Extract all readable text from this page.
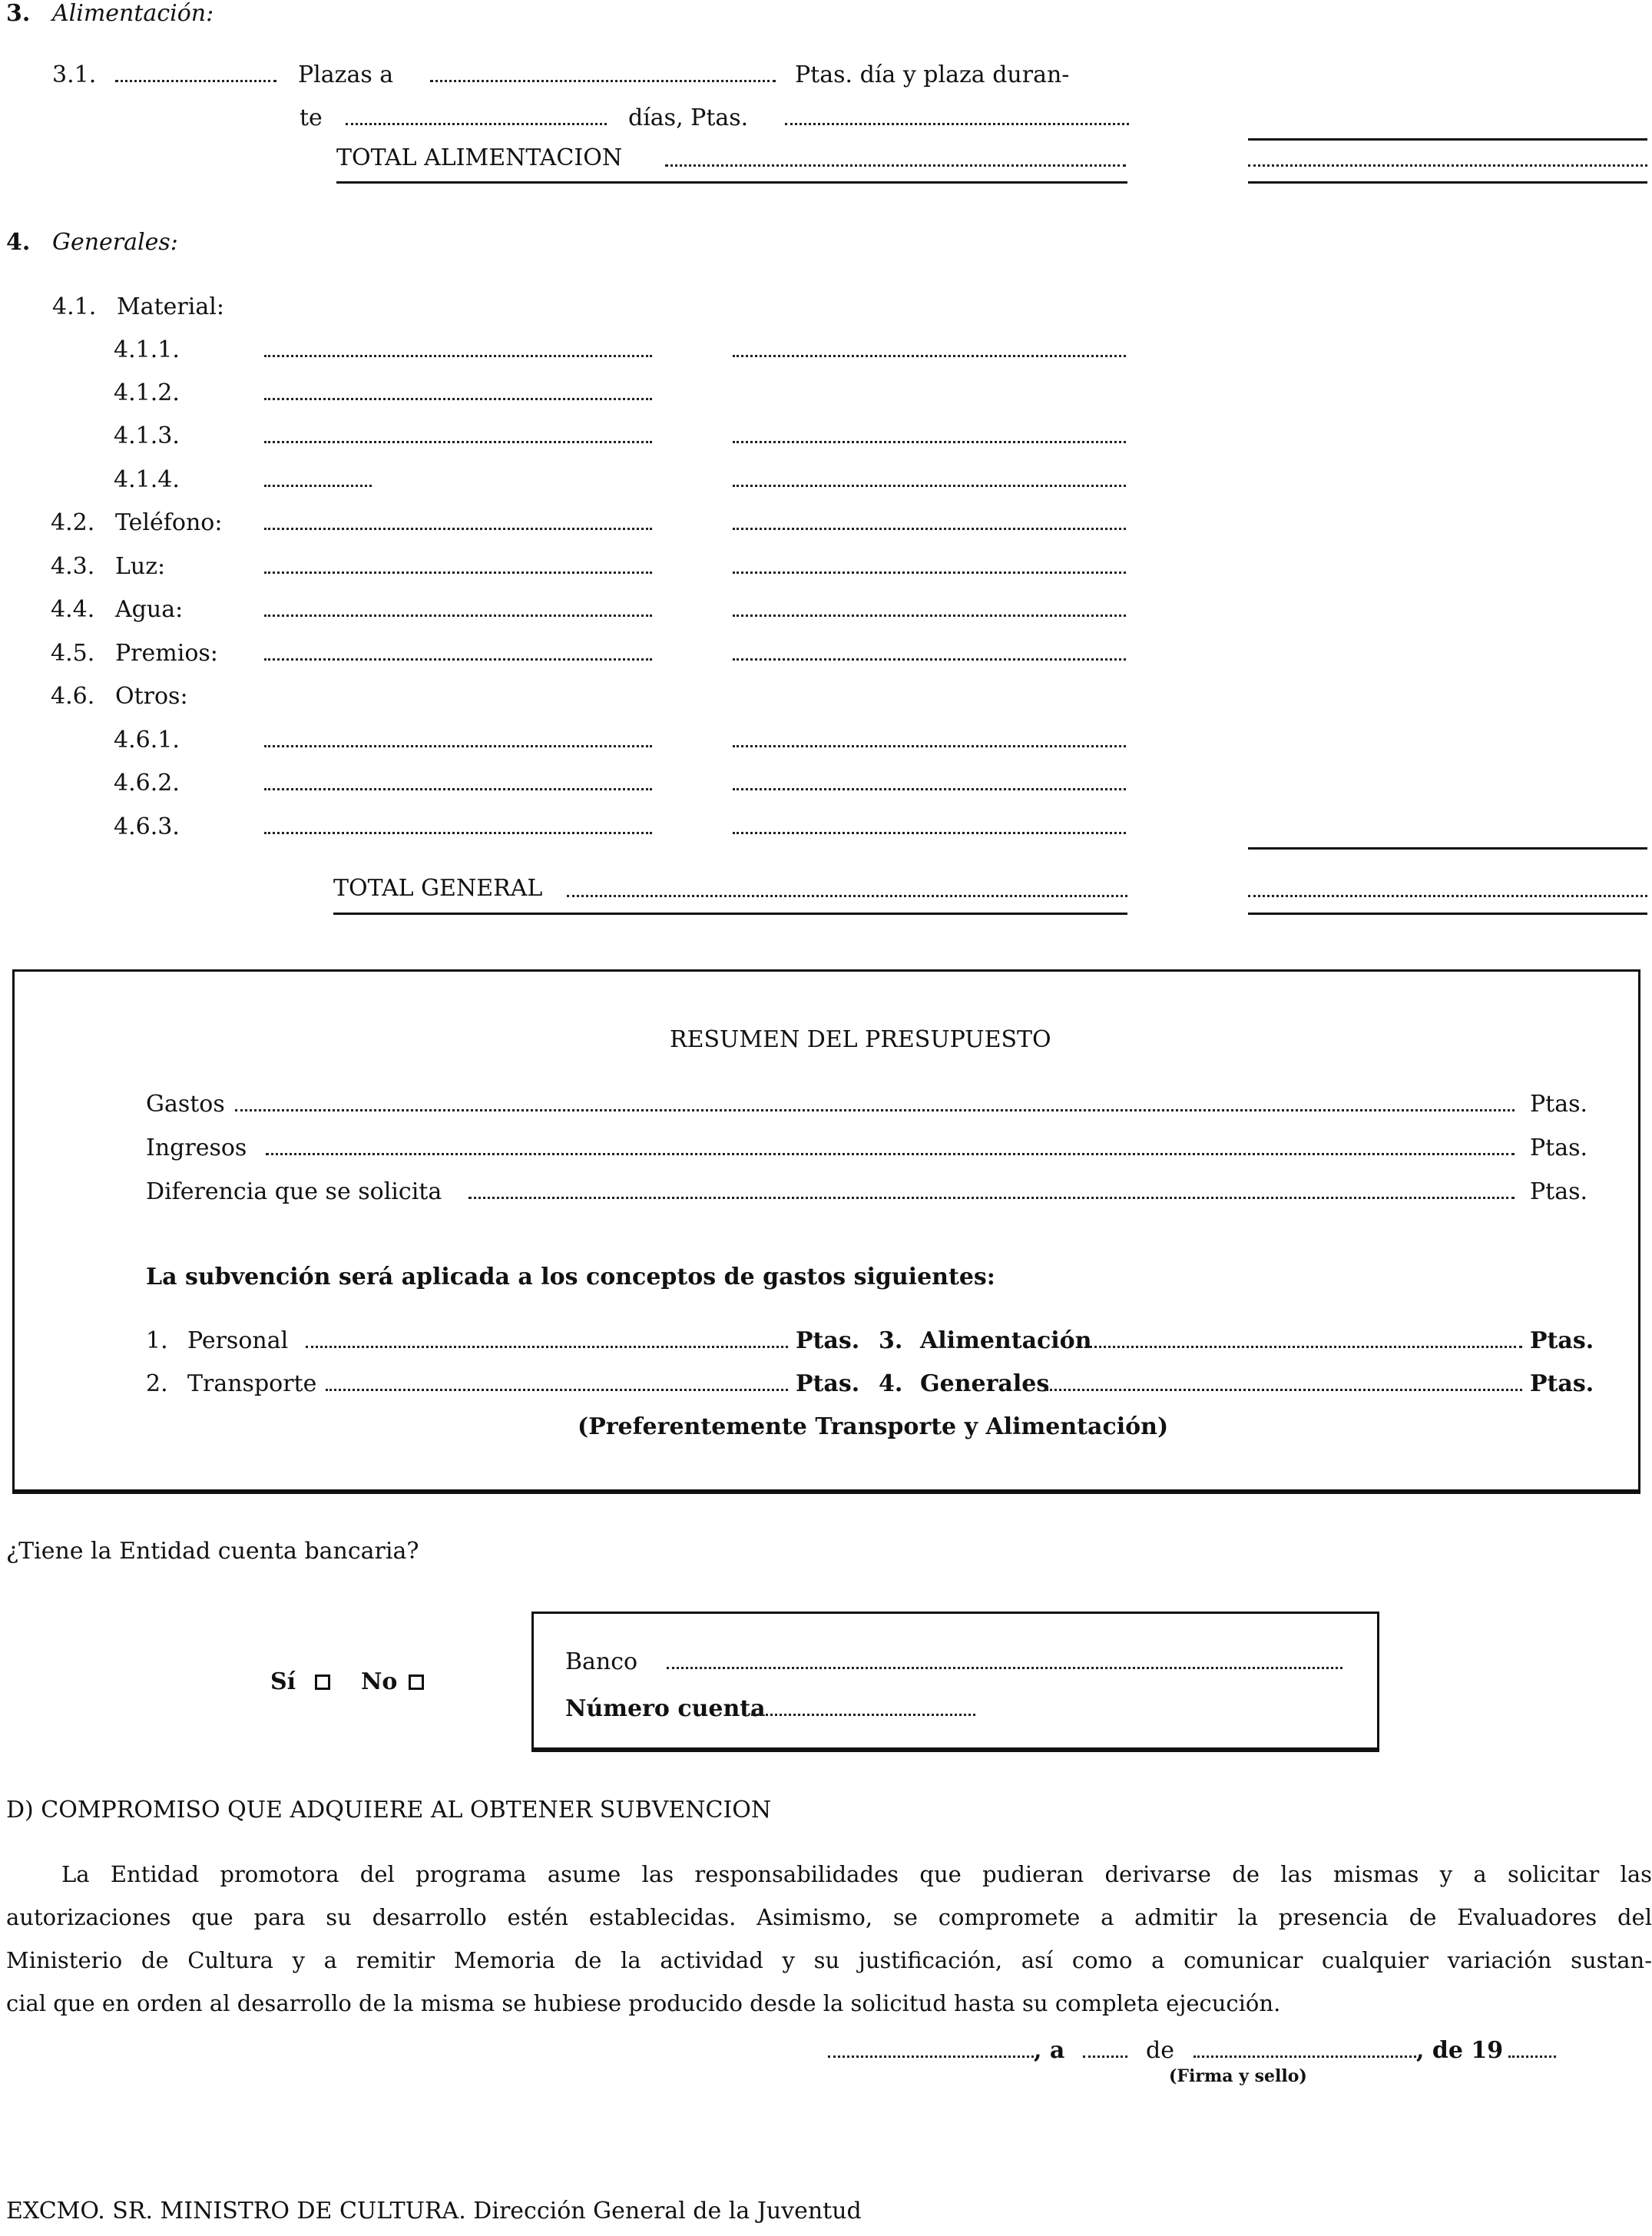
3. Alimentación:
3.1.	Plazas a	Ptas. día y plaza duran-
te	días, Ptas.
TOTAL ALIMENTACION
4. Generales:
4.1. Material:
4.1.1.
4.1.2.
4.1.3.
4.1.4.
4.2. Teléfono:
4.3. Luz:
4.4. Agua:
4.5. Premios:
4.6. Otros:
4.6.1.
4.6.2.
4.6.3.
TOTAL GENERAL
RESUMEN DEL PRESUPUESTO
Gastos	Ptas.
Ingresos	Ptas.
Diferencia que se solicita	Ptas.
La subvención será aplicada a los conceptos de gastos siguientes:
1. Personal	Ptas. 3. Alimentación	Ptas.
2. Transporte	Ptas. 4. Generales	Ptas.
(Preferentemente Transporte y Alimentación)
¿Tiene la Entidad cuenta bancaria?
Sí	No
Banco
Número cuenta
D) COMPROMISO QUE ADQUIERE AL OBTENER SUBVENCION
La Entidad promotora del programa asume las responsabilidades que pudieran derivarse de las mismas y a solicitar las
autorizaciones que para su desarrollo estén establecidas. Asimismo, se compromete a admitir la presencia de Evaluadores del
Ministerio de Cultura y a remitir Memoria de la actividad y su justificación, así como a comunicar cualquier variación sustan-
cial que en orden al desarrollo de la misma se hubiese producido desde la solicitud hasta su completa ejecución.
, a	de	, de 19
(Firma y sello)
EXCMO. SR. MINISTRO DE CULTURA. Dirección General de la Juventud
